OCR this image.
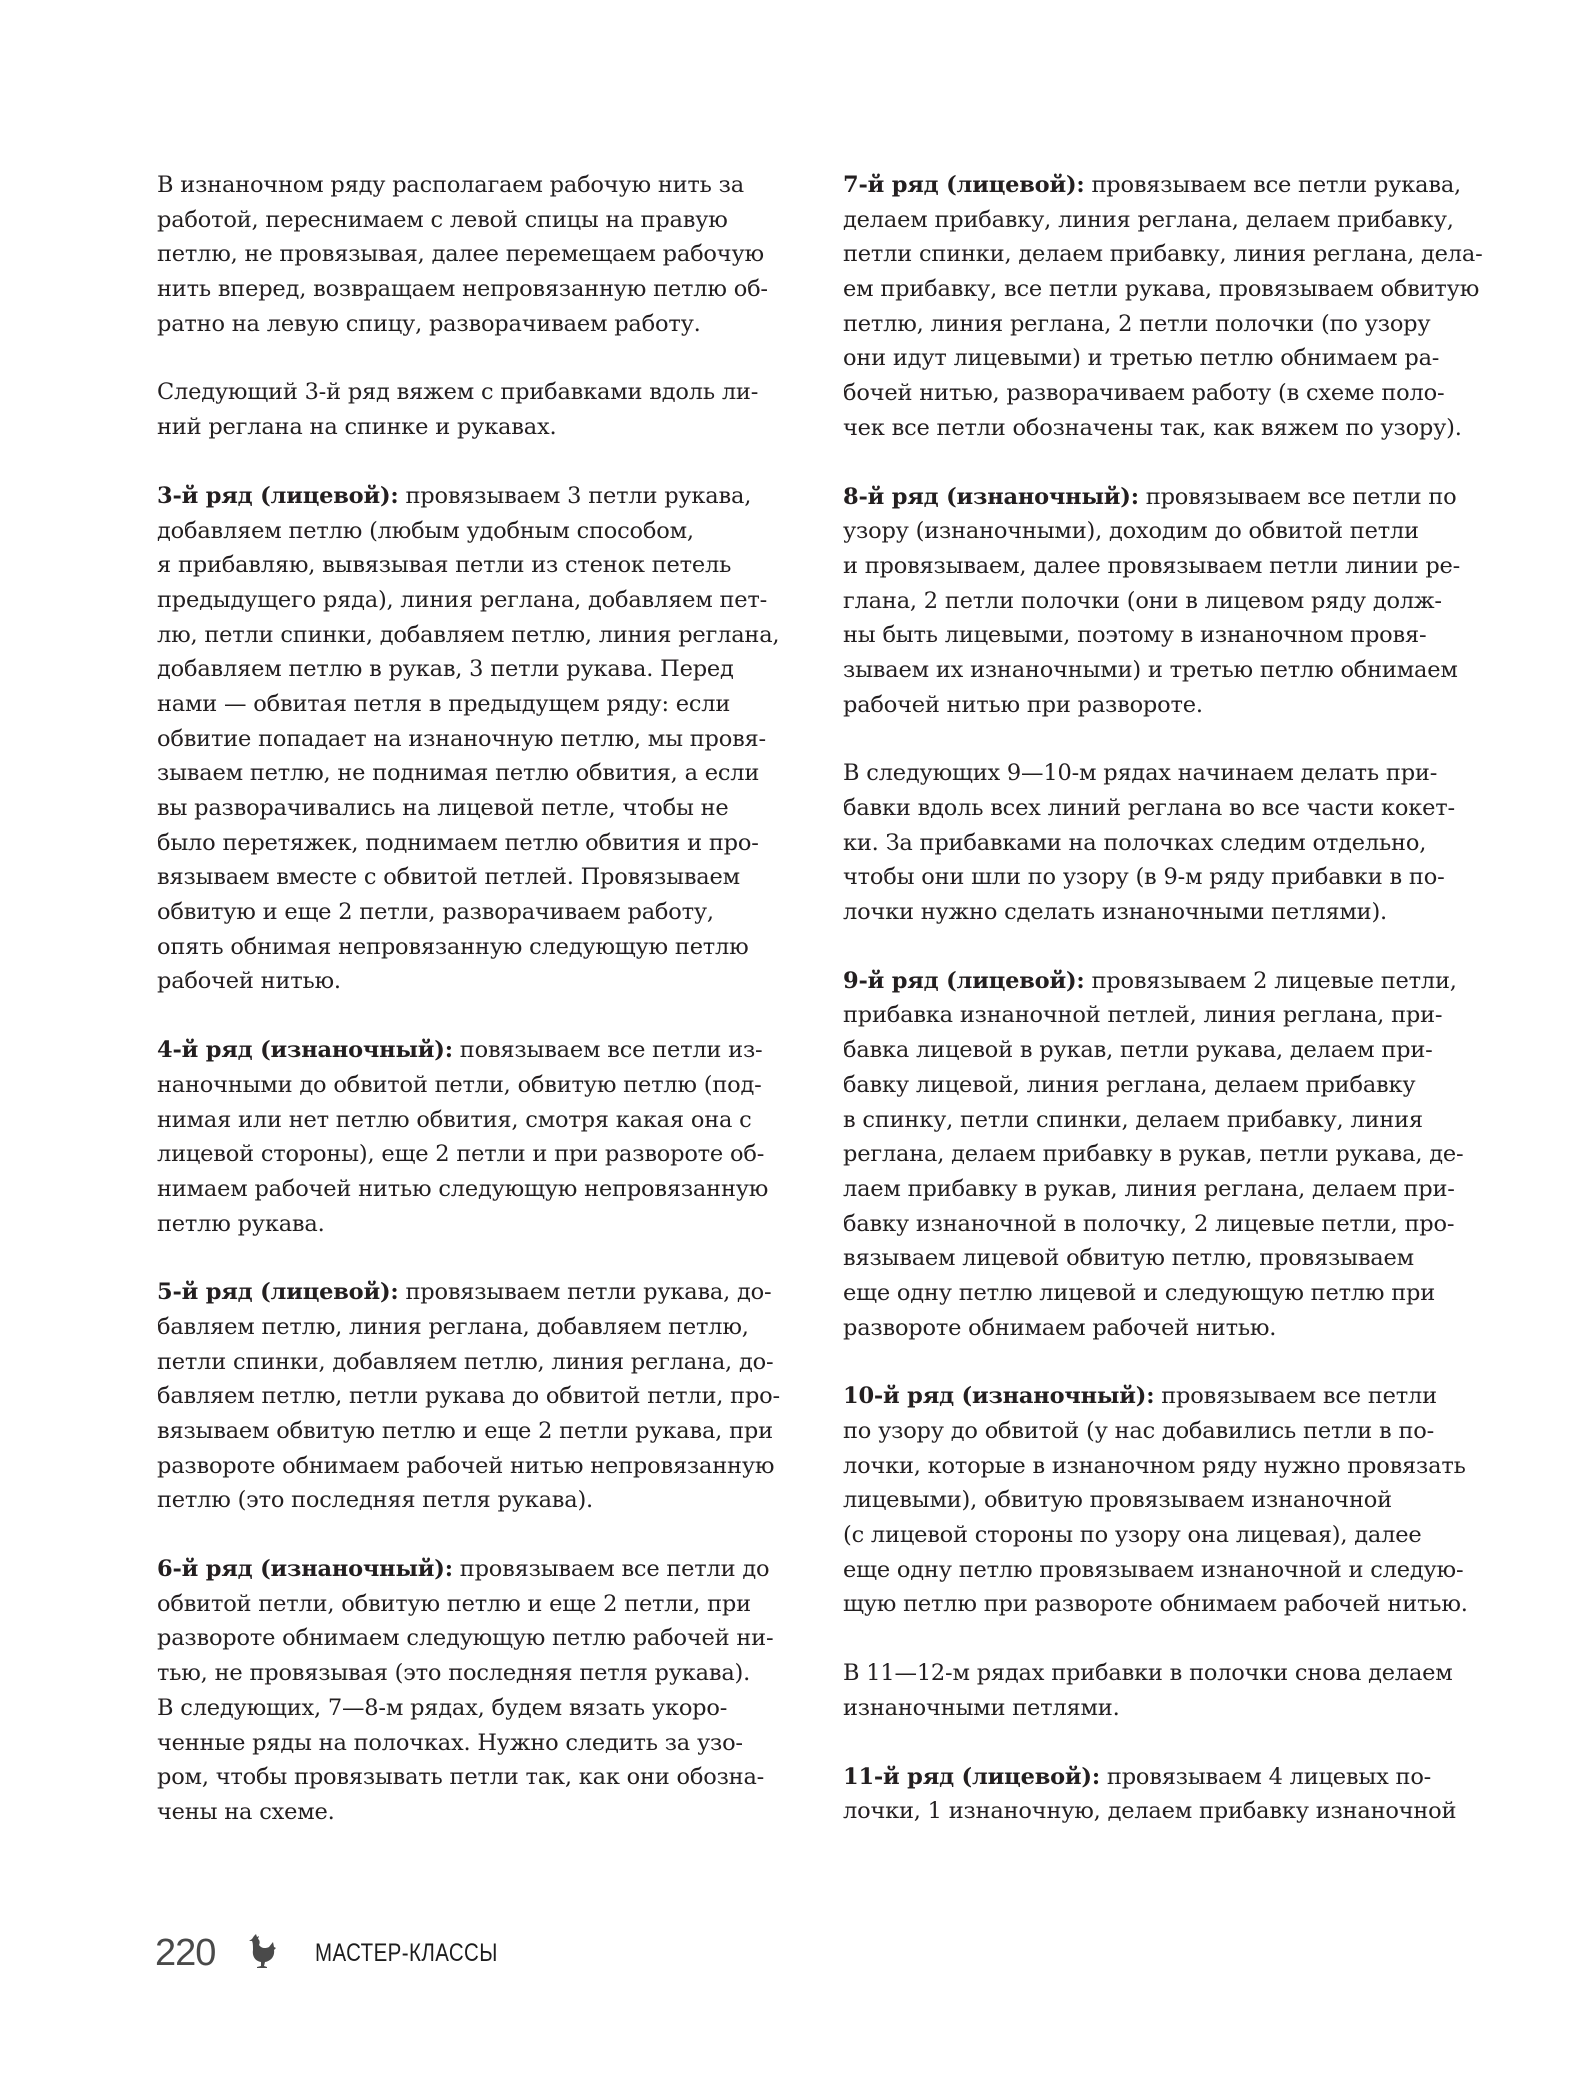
В изнаночном ряду располагаем рабочую нить за
работой, переснимаем с левой спицы на правую
петлю, не провязывая, далее перемещаем рабочую
нить вперед, возвращаем непровязанную петлю об-
ратно на левую спицу, разворачиваем работу.
Следующий 3-й ряд вяжем с прибавками вдоль ли-
ний реглана на спинке и рукавах.
3-й ряд (лицевой): провязываем 3 петли рукава,
добавляем петлю (любым удобным способом,
я прибавляю, вывязывая петли из стенок петель
предыдущего ряда), линия реглана, добавляем пет-
лю, петли спинки, добавляем петлю, линия реглана,
добавляем петлю в рукав, 3 петли рукава. Перед
нами — обвитая петля в предыдущем ряду: если
обвитие попадает на изнаночную петлю, мы провя-
зываем петлю, не поднимая петлю обвития, а если
вы разворачивались на лицевой петле, чтобы не
было перетяжек, поднимаем петлю обвития и про-
вязываем вместе с обвитой петлей. Провязываем
обвитую и еще 2 петли, разворачиваем работу,
опять обнимая непровязанную следующую петлю
рабочей нитью.
4-й ряд (изнаночный): повязываем все петли из-
наночными до обвитой петли, обвитую петлю (под-
нимая или нет петлю обвития, смотря какая она с
лицевой стороны), еще 2 петли и при развороте об-
нимаем рабочей нитью следующую непровязанную
петлю рукава.
5-й ряд (лицевой): провязываем петли рукава, до-
бавляем петлю, линия реглана, добавляем петлю,
петли спинки, добавляем петлю, линия реглана, до-
бавляем петлю, петли рукава до обвитой петли, про-
вязываем обвитую петлю и еще 2 петли рукава, при
развороте обнимаем рабочей нитью непровязанную
петлю (это последняя петля рукава).
6-й ряд (изнаночный): провязываем все петли до
обвитой петли, обвитую петлю и еще 2 петли, при
развороте обнимаем следующую петлю рабочей ни-
тью, не провязывая (это последняя петля рукава).
В следующих, 7—8-м рядах, будем вязать укоро-
ченные ряды на полочках. Нужно следить за узо-
ром, чтобы провязывать петли так, как они обозна-
чены на схеме.
7-й ряд (лицевой): провязываем все петли рукава,
делаем прибавку, линия реглана, делаем прибавку,
петли спинки, делаем прибавку, линия реглана, дела-
ем прибавку, все петли рукава, провязываем обвитую
петлю, линия реглана, 2 петли полочки (по узору
они идут лицевыми) и третью петлю обнимаем ра-
бочей нитью, разворачиваем работу (в схеме поло-
чек все петли обозначены так, как вяжем по узору).
8-й ряд (изнаночный): провязываем все петли по
узору (изнаночными), доходим до обвитой петли
и провязываем, далее провязываем петли линии ре-
глана, 2 петли полочки (они в лицевом ряду долж-
ны быть лицевыми, поэтому в изнаночном провя-
зываем их изнаночными) и третью петлю обнимаем
рабочей нитью при развороте.
В следующих 9—10-м рядах начинаем делать при-
бавки вдоль всех линий реглана во все части кокет-
ки. За прибавками на полочках следим отдельно,
чтобы они шли по узору (в 9-м ряду прибавки в по-
лочки нужно сделать изнаночными петлями).
9-й ряд (лицевой): провязываем 2 лицевые петли,
прибавка изнаночной петлей, линия реглана, при-
бавка лицевой в рукав, петли рукава, делаем при-
бавку лицевой, линия реглана, делаем прибавку
в спинку, петли спинки, делаем прибавку, линия
реглана, делаем прибавку в рукав, петли рукава, де-
лаем прибавку в рукав, линия реглана, делаем при-
бавку изнаночной в полочку, 2 лицевые петли, про-
вязываем лицевой обвитую петлю, провязываем
еще одну петлю лицевой и следующую петлю при
развороте обнимаем рабочей нитью.
10-й ряд (изнаночный): провязываем все петли
по узору до обвитой (у нас добавились петли в по-
лочки, которые в изнаночном ряду нужно провязать
лицевыми), обвитую провязываем изнаночной
(с лицевой стороны по узору она лицевая), далее
еще одну петлю провязываем изнаночной и следую-
щую петлю при развороте обнимаем рабочей нитью.
В 11—12-м рядах прибавки в полочки снова делаем
изнаночными петлями.
11-й ряд (лицевой): провязываем 4 лицевых по-
лочки, 1 изнаночную, делаем прибавку изнаночной
220	МАСТЕР-КЛАССЫ
